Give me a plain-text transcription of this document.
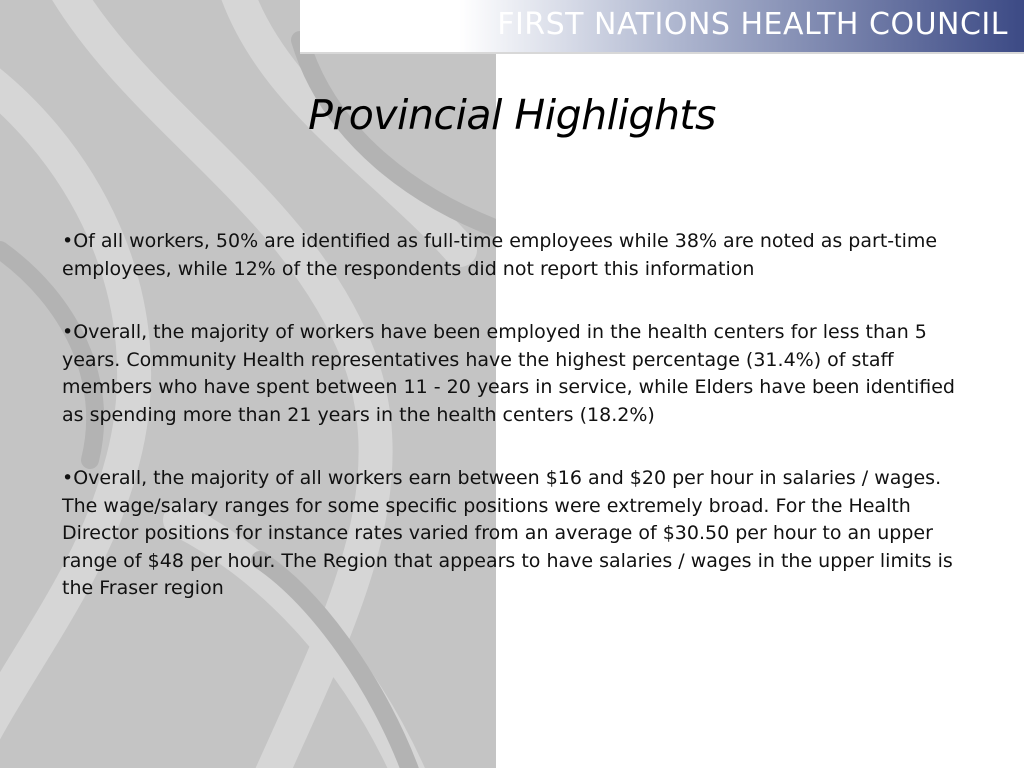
FIRST NATIONS HEALTH COUNCIL
Provincial Highlights

•Of all workers, 50% are identified as full-time employees while 38% are noted as part-time employees, while 12% of the respondents did not report this information

•Overall, the majority of workers have been employed in the health centers for less than 5 years. Community Health representatives have the highest percentage (31.4%) of staff members who have spent between 11 - 20 years in service, while Elders have been identified as spending more than 21 years in the health centers (18.2%)

•Overall, the majority of all workers earn between $16 and $20 per hour in salaries / wages. The wage/salary ranges for some specific positions were extremely broad. For the Health Director positions for instance rates varied from an average of $30.50 per hour to an upper range of $48 per hour. The Region that appears to have salaries / wages in the upper limits is the Fraser region
